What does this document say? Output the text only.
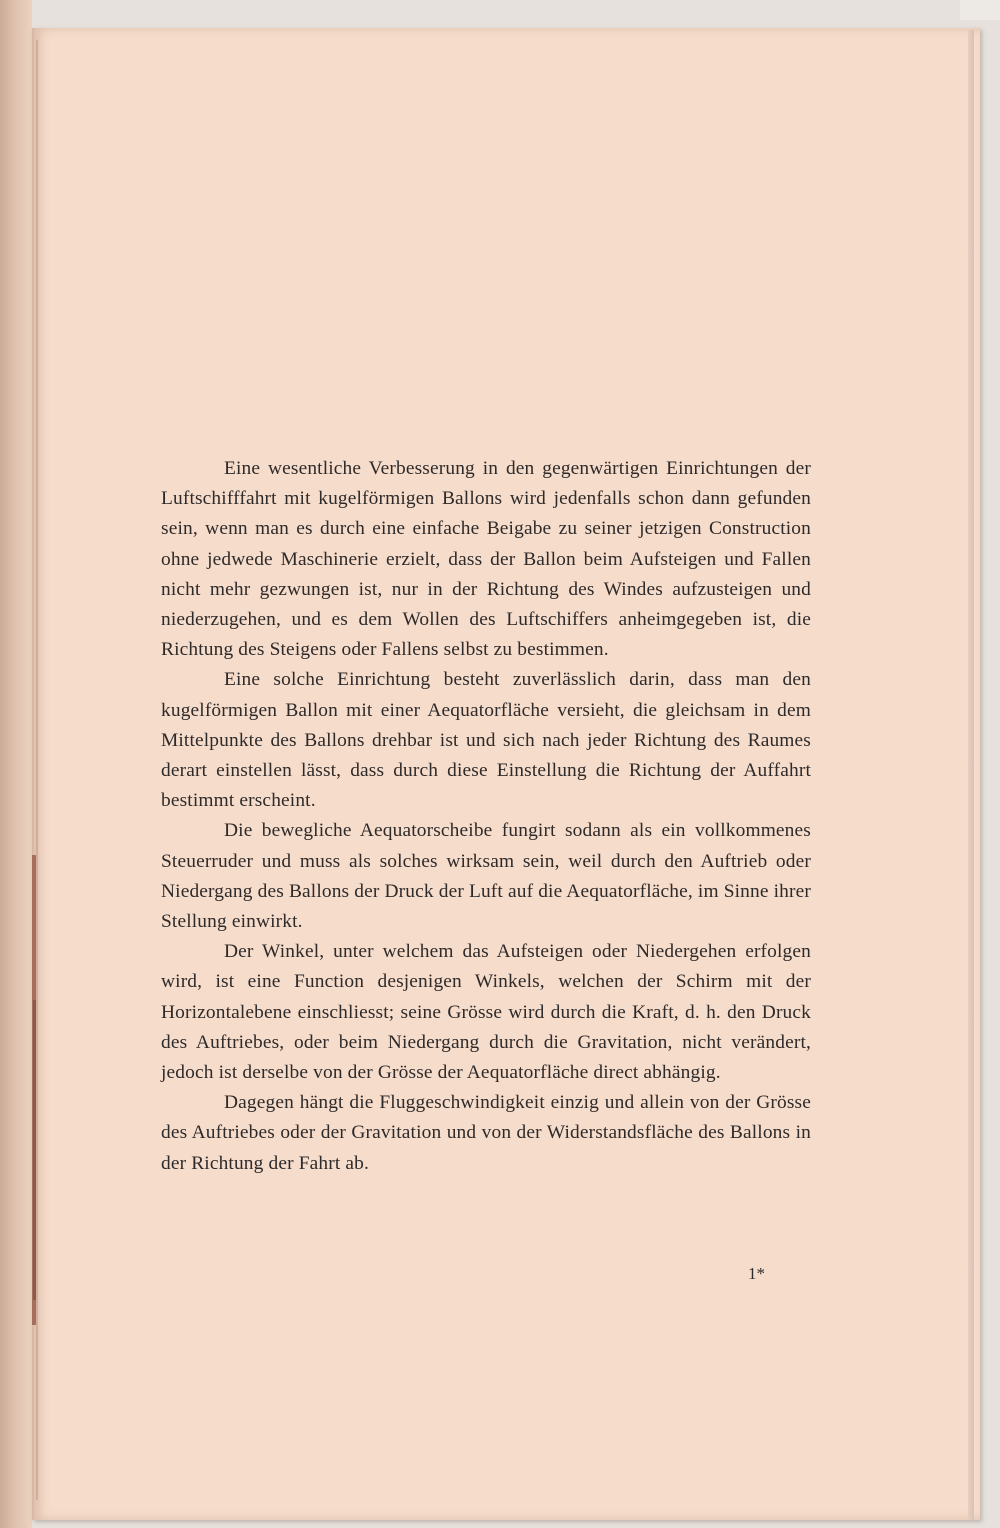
Eine wesentliche Verbesserung in den gegenwärtigen Einrichtungen der Luftschifffahrt mit kugelförmigen Ballons wird jedenfalls schon dann gefunden sein, wenn man es durch eine einfache Beigabe zu seiner jetzigen Construction ohne jedwede Maschinerie erzielt, dass der Ballon beim Aufsteigen und Fallen nicht mehr gezwungen ist, nur in der Richtung des Windes aufzusteigen und niederzugehen, und es dem Wollen des Luftschiffers anheimgegeben ist, die Richtung des Steigens oder Fallens selbst zu bestimmen.

Eine solche Einrichtung besteht zuverlässlich darin, dass man den kugelförmigen Ballon mit einer Aequatorfläche versieht, die gleichsam in dem Mittelpunkte des Ballons drehbar ist und sich nach jeder Richtung des Raumes derart einstellen lässt, dass durch diese Einstellung die Richtung der Auffahrt bestimmt erscheint.

Die bewegliche Aequatorscheibe fungirt sodann als ein vollkommenes Steuerruder und muss als solches wirksam sein, weil durch den Auftrieb oder Niedergang des Ballons der Druck der Luft auf die Aequatorfläche, im Sinne ihrer Stellung einwirkt.

Der Winkel, unter welchem das Aufsteigen oder Niedergehen erfolgen wird, ist eine Function desjenigen Winkels, welchen der Schirm mit der Horizontalebene einschliesst; seine Grösse wird durch die Kraft, d. h. den Druck des Auftriebes, oder beim Niedergang durch die Gravitation, nicht verändert, jedoch ist derselbe von der Grösse der Aequatorfläche direct abhängig.

Dagegen hängt die Fluggeschwindigkeit einzig und allein von der Grösse des Auftriebes oder der Gravitation und von der Widerstandsfläche des Ballons in der Richtung der Fahrt ab.

1*
